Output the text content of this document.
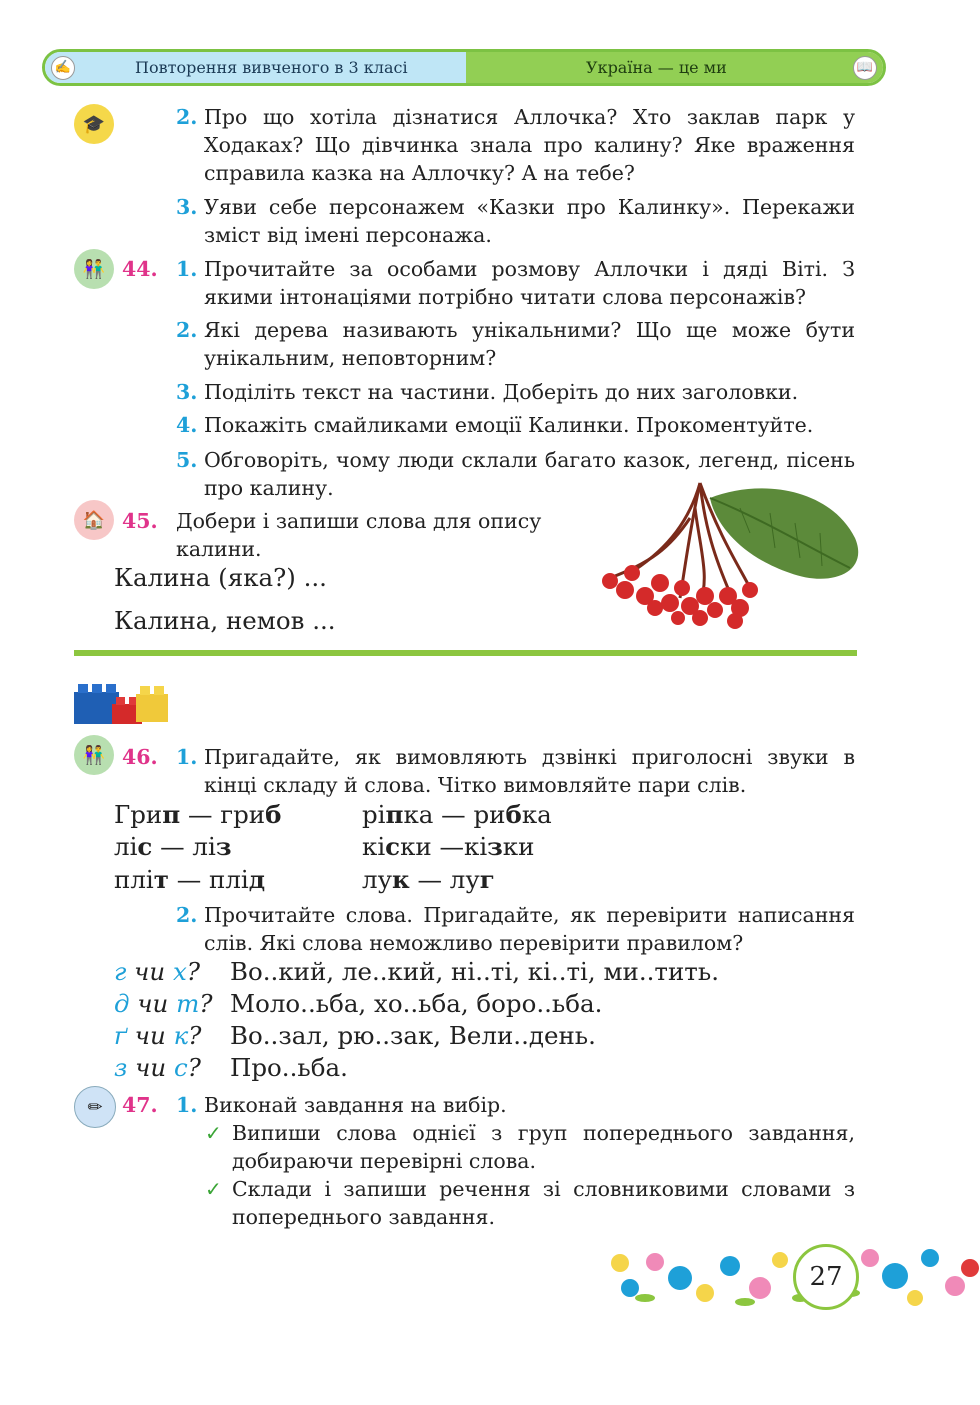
✍	Повторення вивченого в 3 класі	Україна — це ми	📖
🎓	2. Про що хотіла дізнатися Аллочка? Хто заклав парк у Ходаках? Що дівчинка знала про калину? Яке враження справила казка на Аллочку? А на тебе?
3. Уяви себе персонажем «Казки про Калинку». Перекажи зміст від імені персонажа.
👫 44. 1. Прочитайте за особами розмову Аллочки і дяді Віті. З якими інтонаціями потрібно читати слова персонажів?
2. Які дерева називають унікальними? Що ще може бути унікальним, неповторним?
3. Поділіть текст на частини. Доберіть до них заголовки.
4. Покажіть смайликами емоції Калинки. Прокоментуйте.
5. Обговоріть, чому люди склали багато казок, легенд, пісень про калину.
🏠 45. Добери і запиши слова для опису калини.
Калина (яка?) ...
Калина, немов ...
👫 46. 1. Пригадайте, як вимовляють дзвінкі приголосні звуки в кінці складу й слова. Чітко вимовляйте пари слів.
Грип — гриб	ріпка — рибка
ліс — ліз	кіски —кізки
пліт — плід	лук — луг
2. Прочитайте слова. Пригадайте, як перевірити написання слів. Які слова неможливо перевірити правилом?
г чи х? Во..кий, ле..кий, ні..ті, кі..ті, ми..тить.
д чи т? Моло..ьба, хо..ьба, боро..ьба.
ґ чи к? Во..зал, рю..зак, Вели..день.
з чи с? Про..ьба.
✏ 47. 1. Виконай завдання на вибір.
✓ Випиши слова однієї з груп попереднього завдання, добираючи перевірні слова.
✓ Склади і запиши речення зі словниковими словами з попереднього завдання.
27
